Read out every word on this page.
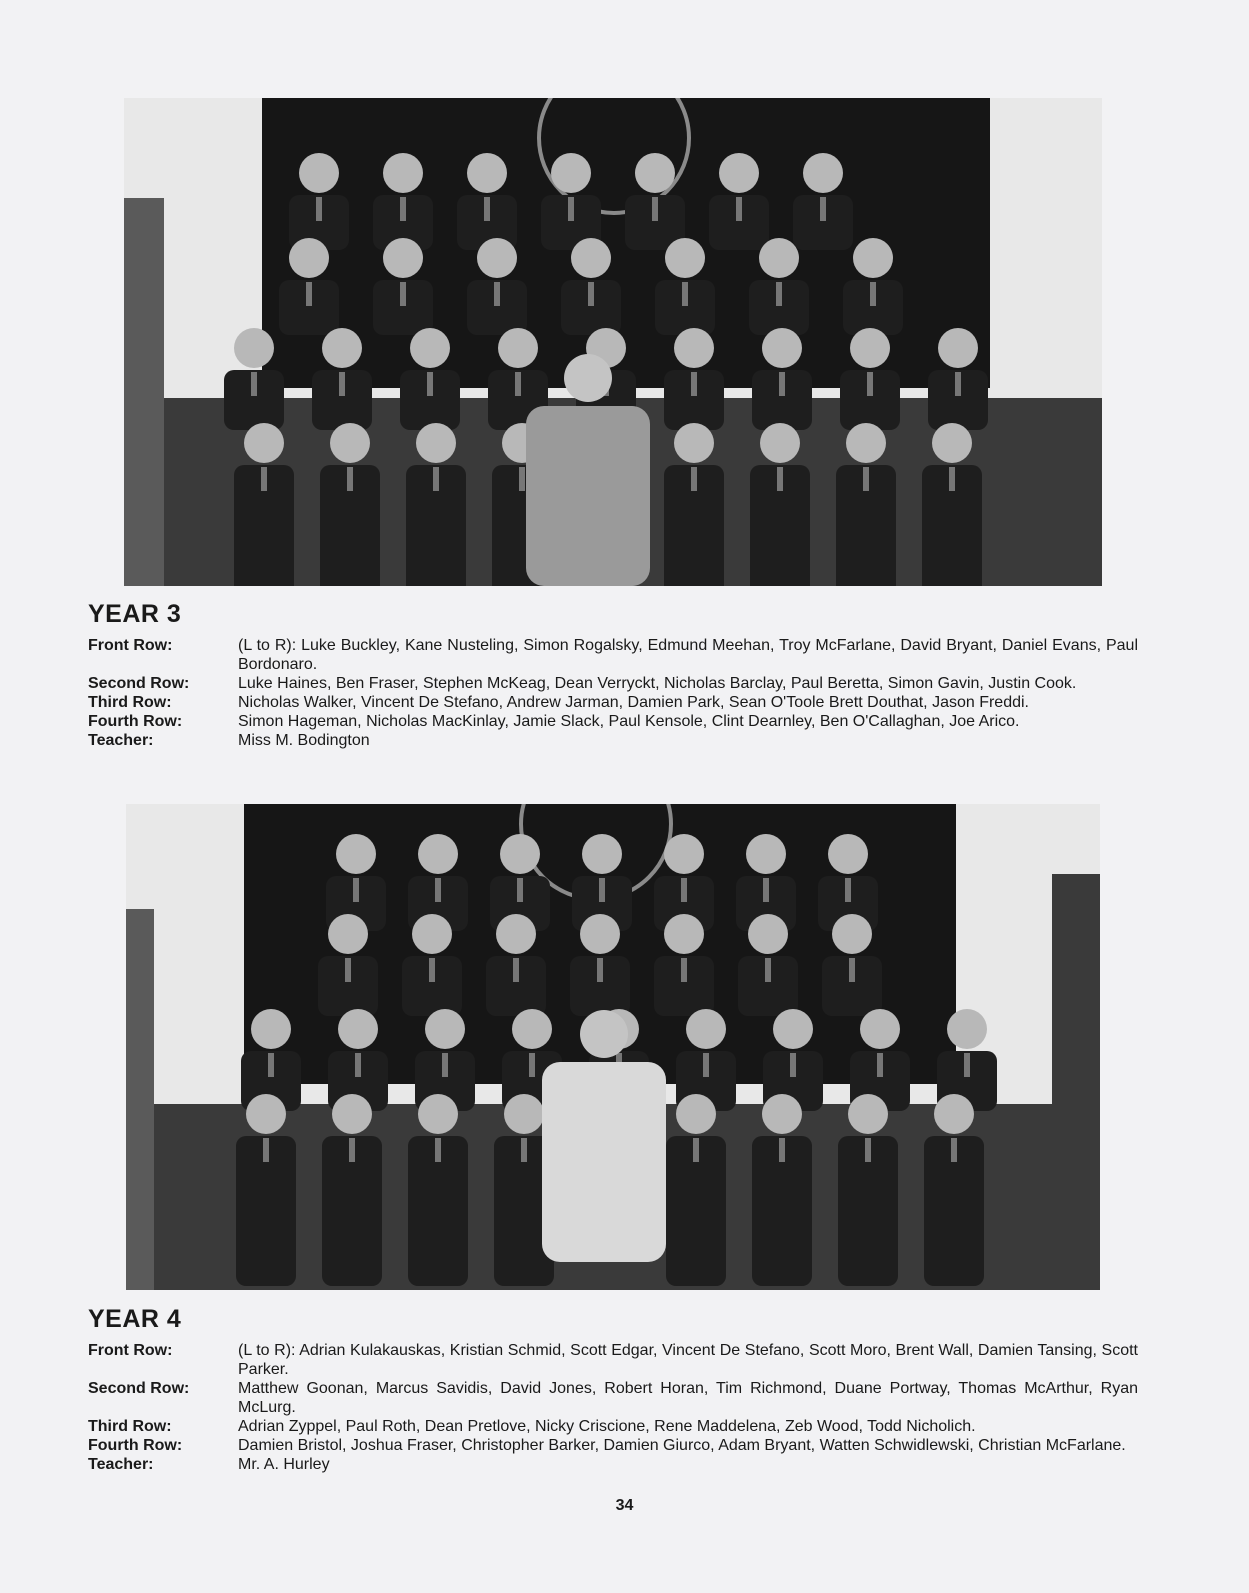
YEAR 3
Front Row:	(L to R): Luke Buckley, Kane Nusteling, Simon Rogalsky, Edmund Meehan, Troy McFarlane, David Bryant, Daniel Evans, Paul Bordonaro.
Second Row:	Luke Haines, Ben Fraser, Stephen McKeag, Dean Verryckt, Nicholas Barclay, Paul Beretta, Simon Gavin, Justin Cook.
Third Row:	Nicholas Walker, Vincent De Stefano, Andrew Jarman, Damien Park, Sean O'Toole Brett Douthat, Jason Freddi.
Fourth Row:	Simon Hageman, Nicholas MacKinlay, Jamie Slack, Paul Kensole, Clint Dearnley, Ben O'Callaghan, Joe Arico.
Teacher:	Miss M. Bodington
YEAR 4
Front Row:	(L to R): Adrian Kulakauskas, Kristian Schmid, Scott Edgar, Vincent De Stefano, Scott Moro, Brent Wall, Damien Tansing, Scott Parker.
Second Row:	Matthew Goonan, Marcus Savidis, David Jones, Robert Horan, Tim Richmond, Duane Portway, Thomas McArthur, Ryan McLurg.
Third Row:	Adrian Zyppel, Paul Roth, Dean Pretlove, Nicky Criscione, Rene Maddelena, Zeb Wood, Todd Nicholich.
Fourth Row:	Damien Bristol, Joshua Fraser, Christopher Barker, Damien Giurco, Adam Bryant, Watten Schwidlewski, Christian McFarlane.
Teacher:	Mr. A. Hurley
34
